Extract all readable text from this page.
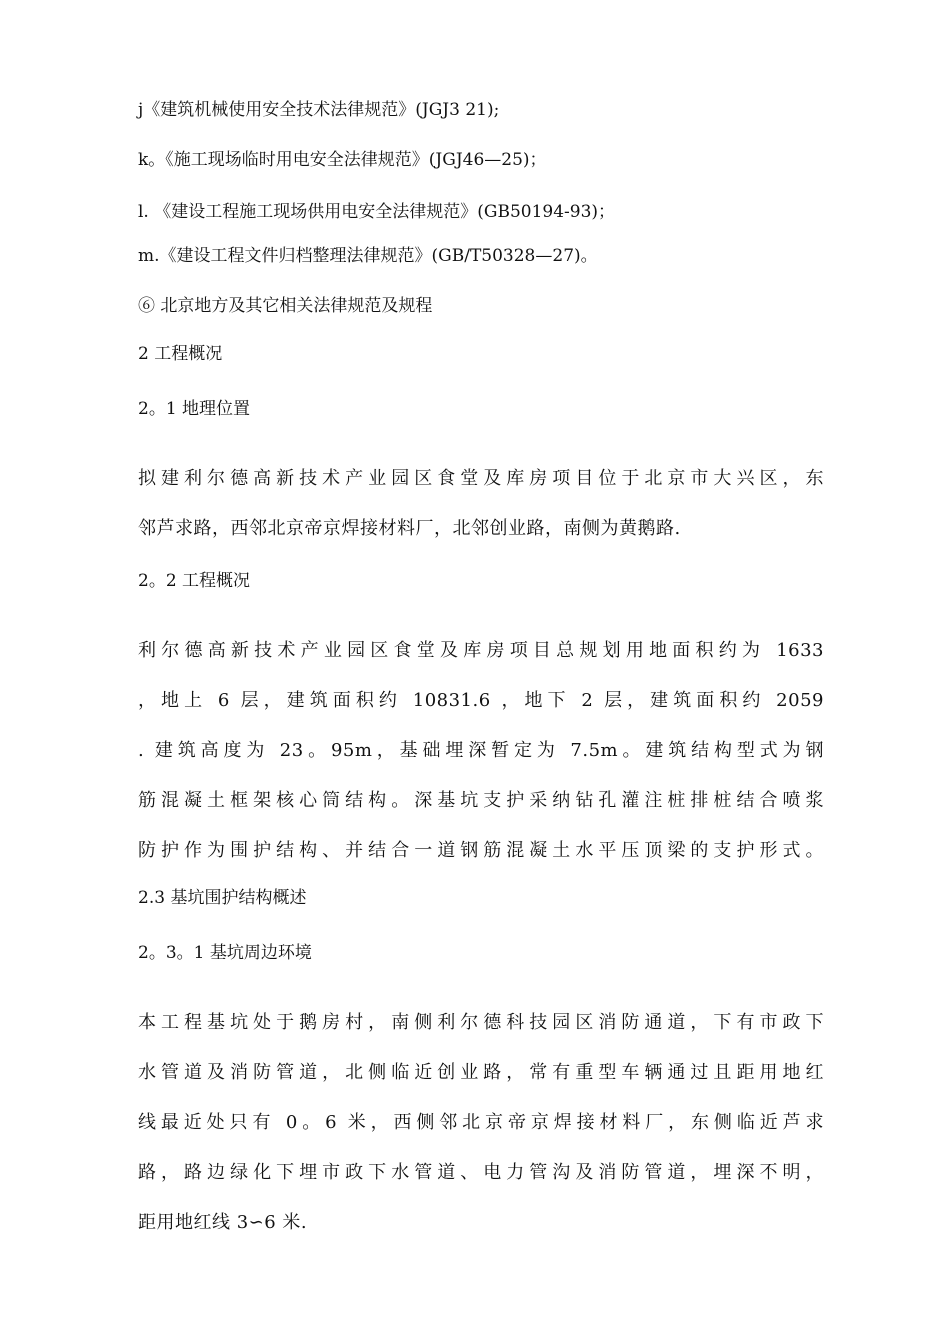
j《建筑机械使用安全技术法律规范》(JGJ3 21);
k。《施工现场临时用电安全法律规范》(JGJ46—25)；
l. 《建设工程施工现场供用电安全法律规范》(GB50194-93)；
m.《建设工程文件归档整理法律规范》(GB/T50328—27)。
⑥ 北京地方及其它相关法律规范及规程
2 工程概况
2。1 地理位置
拟建利尔德高新技术产业园区食堂及库房项目位于北京市大兴区，东
邻芦求路，西邻北京帝京焊接材料厂，北邻创业路，南侧为黄鹅路.
2。2 工程概况
利尔德高新技术产业园区食堂及库房项目总规划用地面积约为 1633
，地上 6 层，建筑面积约 10831.6 ，地下 2 层，建筑面积约 2059
. 建筑高度为 23。95m，基础埋深暂定为 7.5m。建筑结构型式为钢
筋混凝土框架核心筒结构。深基坑支护采纳钻孔灌注桩排桩结合喷浆
防护作为围护结构、并结合一道钢筋混凝土水平压顶梁的支护形式。
2.3 基坑围护结构概述
2。3。1 基坑周边环境
本工程基坑处于鹅房村，南侧利尔德科技园区消防通道，下有市政下
水管道及消防管道，北侧临近创业路，常有重型车辆通过且距用地红
线最近处只有 0。6 米，西侧邻北京帝京焊接材料厂，东侧临近芦求
路，路边绿化下埋市政下水管道、电力管沟及消防管道，埋深不明，
距用地红线 3∽6 米.
